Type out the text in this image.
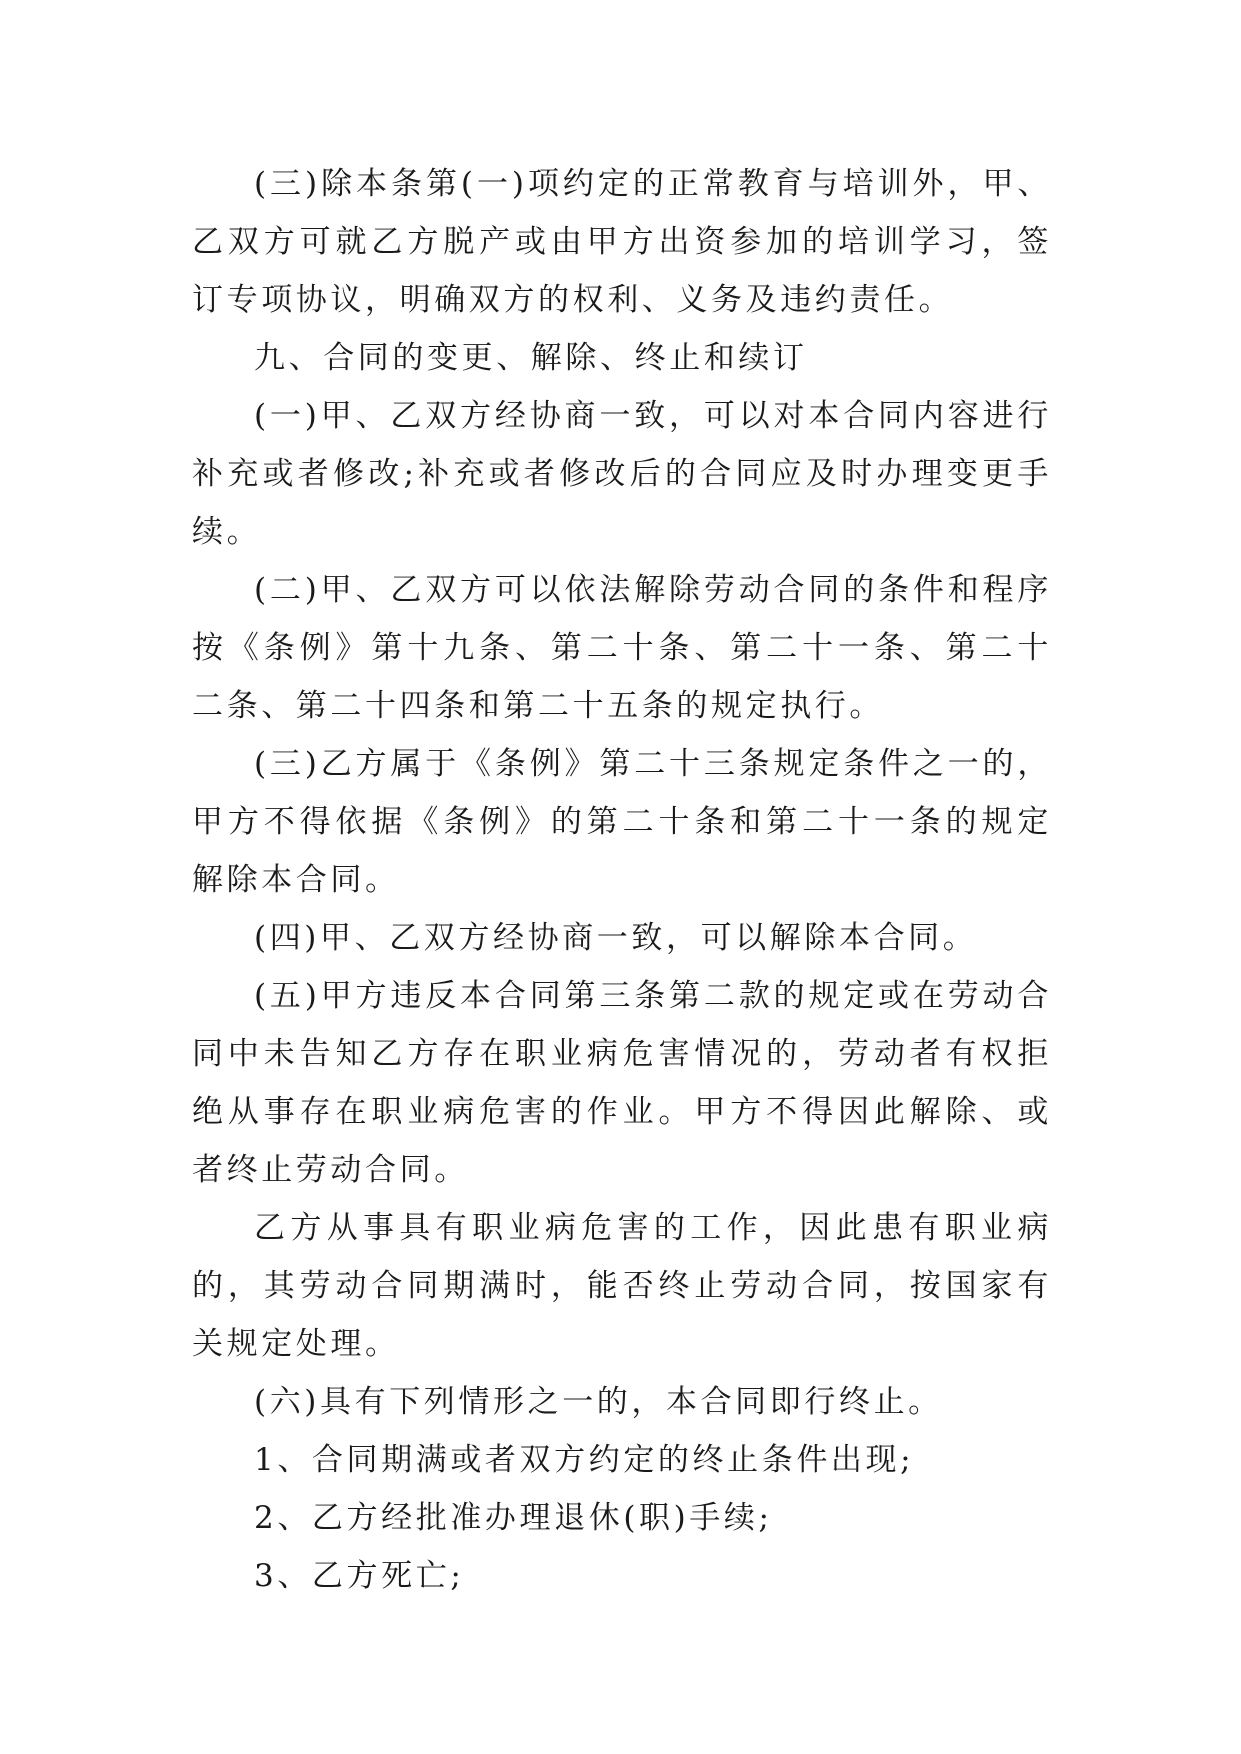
(三)除本条第(一)项约定的正常教育与培训外，甲、乙双方可就乙方脱产或由甲方出资参加的培训学习，签订专项协议，明确双方的权利、义务及违约责任。

九、合同的变更、解除、终止和续订

(一)甲、乙双方经协商一致，可以对本合同内容进行补充或者修改;补充或者修改后的合同应及时办理变更手续。

(二)甲、乙双方可以依法解除劳动合同的条件和程序按《条例》第十九条、第二十条、第二十一条、第二十二条、第二十四条和第二十五条的规定执行。

(三)乙方属于《条例》第二十三条规定条件之一的，甲方不得依据《条例》的第二十条和第二十一条的规定解除本合同。

(四)甲、乙双方经协商一致，可以解除本合同。

(五)甲方违反本合同第三条第二款的规定或在劳动合同中未告知乙方存在职业病危害情况的，劳动者有权拒绝从事存在职业病危害的作业。甲方不得因此解除、或者终止劳动合同。

乙方从事具有职业病危害的工作，因此患有职业病的，其劳动合同期满时，能否终止劳动合同，按国家有关规定处理。

(六)具有下列情形之一的，本合同即行终止。

1、合同期满或者双方约定的终止条件出现;

2、乙方经批准办理退休(职)手续;

3、乙方死亡;
